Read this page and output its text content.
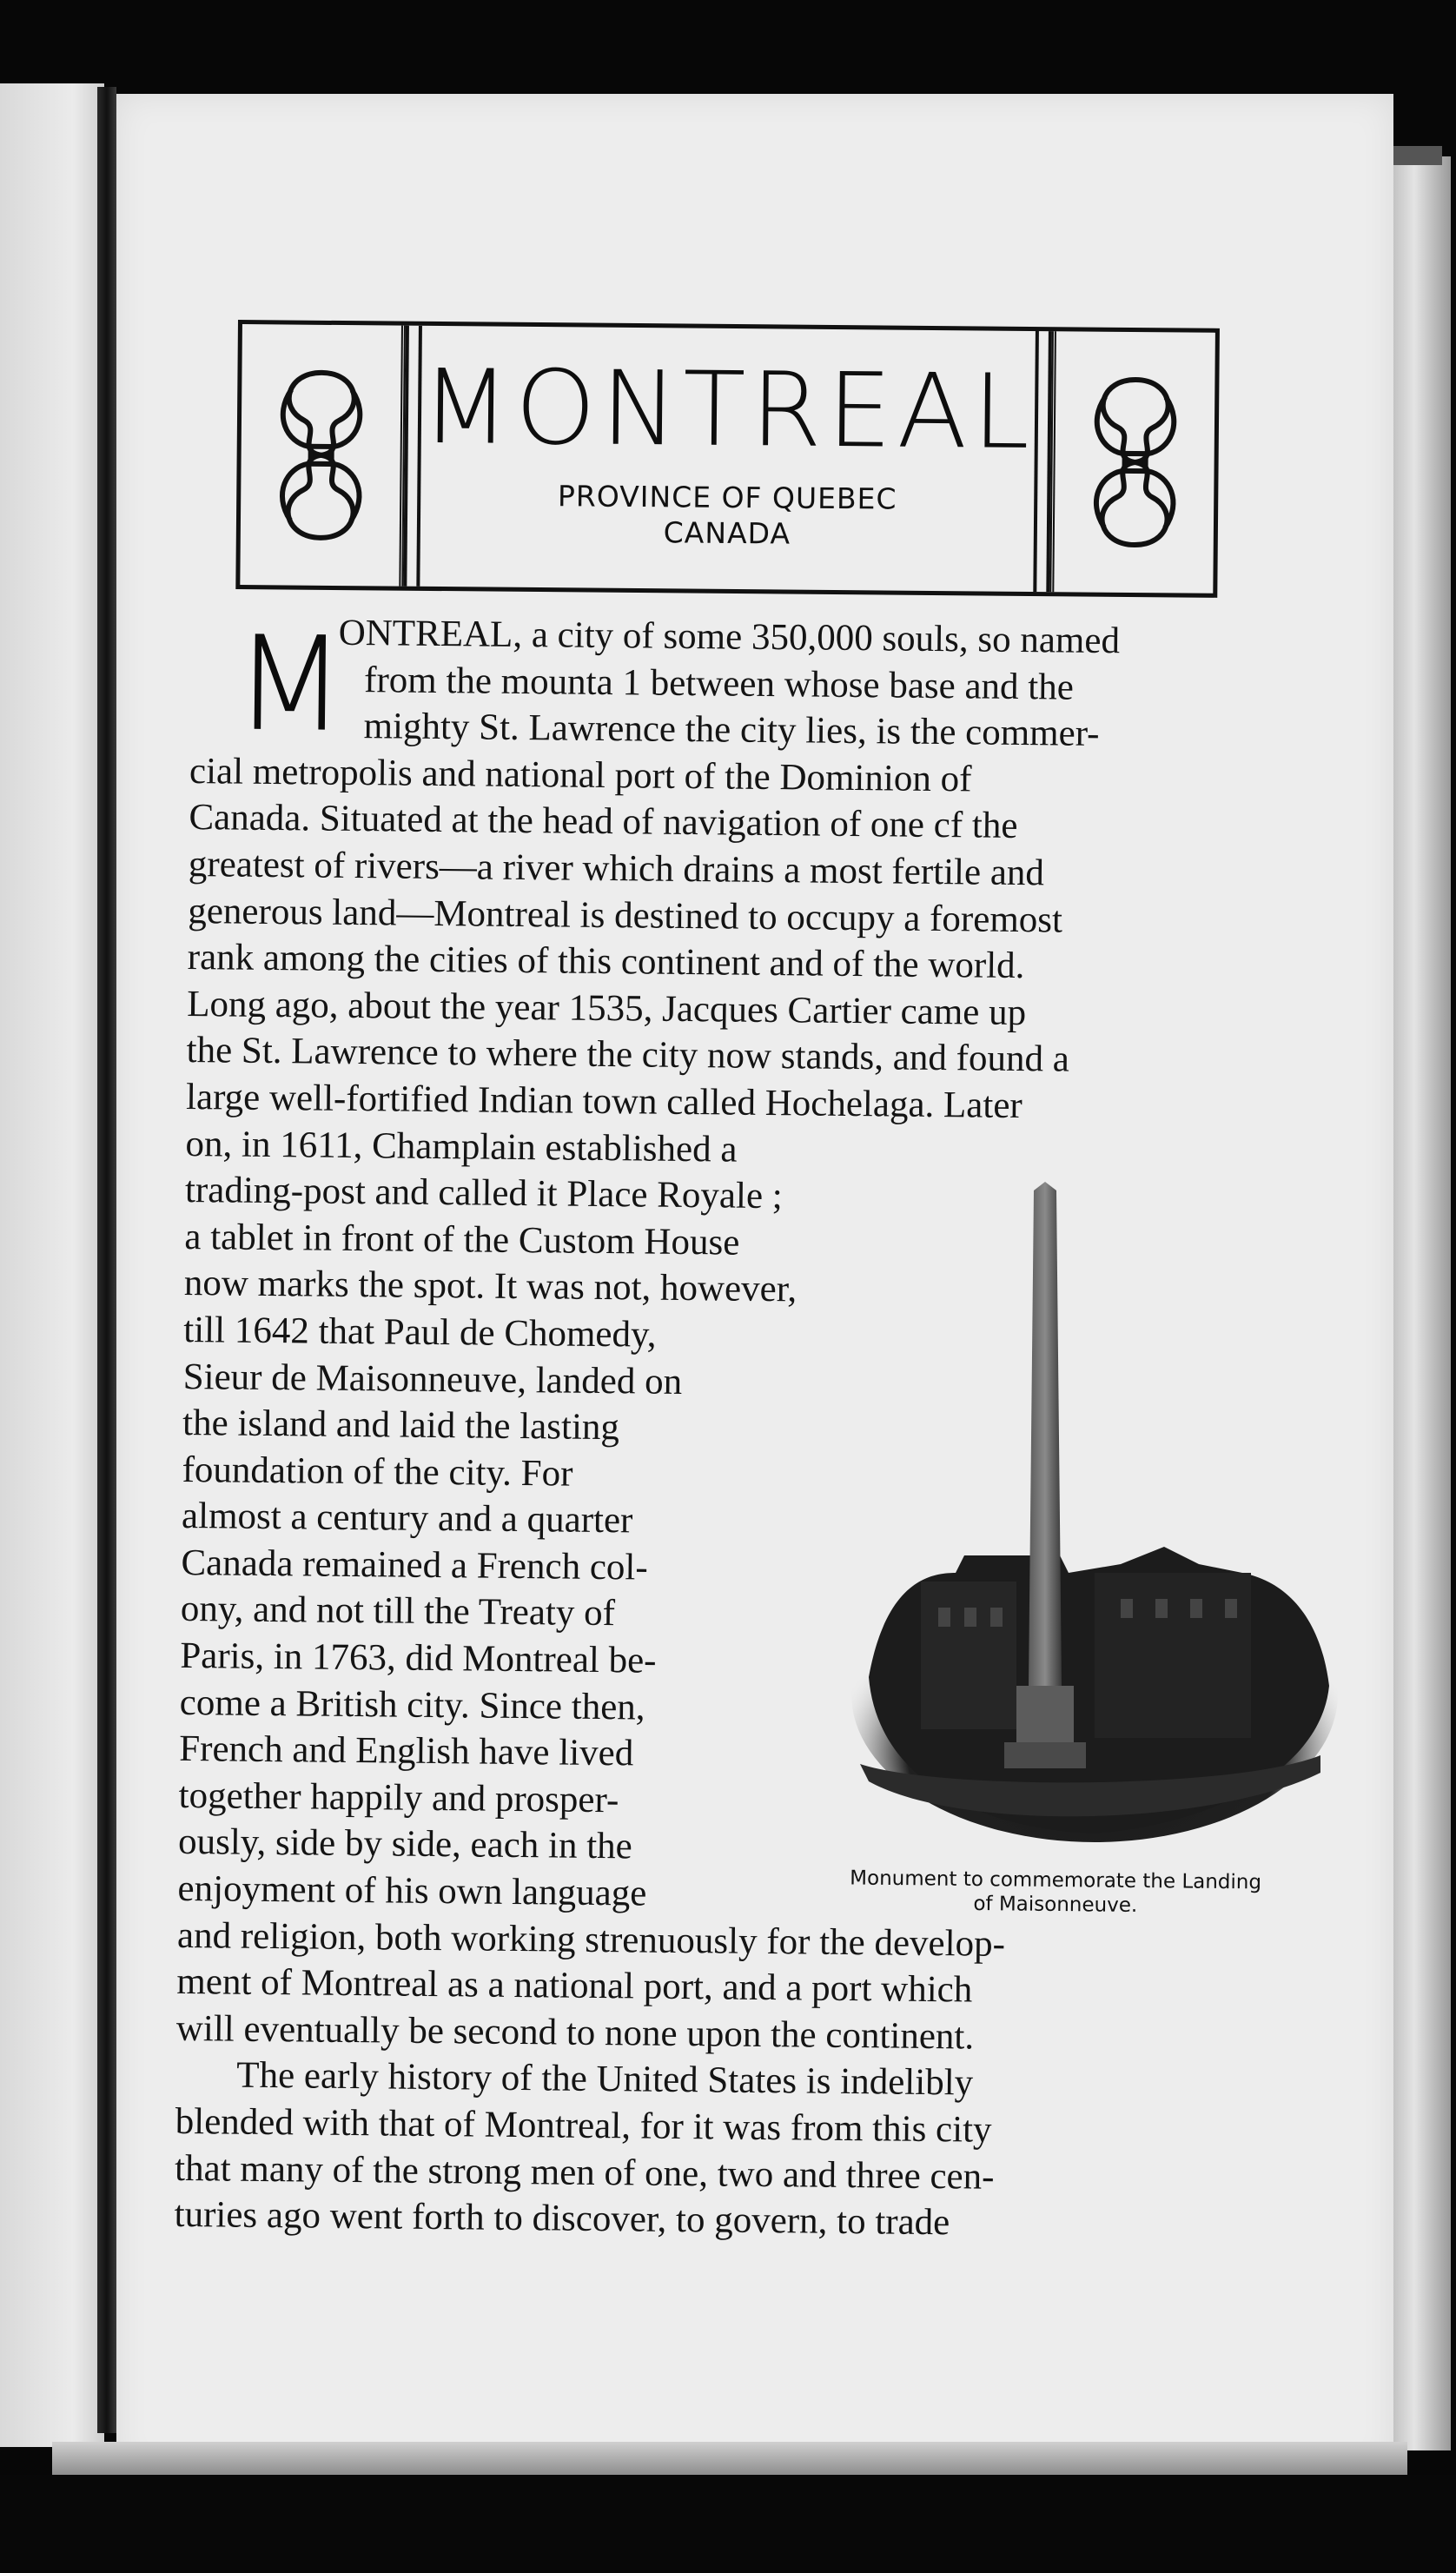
MONTREAL
PROVINCE OF QUEBEC
CANADA
M
ONTREAL, a city of some 350,000 souls, so named
from the mounta 1 between whose base and the
mighty St. Lawrence the city lies, is the commer-
cial metropolis and national port of the Dominion of
Canada. Situated at the head of navigation of one cf the
greatest of rivers—a river which drains a most fertile and
generous land—Montreal is destined to occupy a foremost
rank among the cities of this continent and of the world.
Long ago, about the year 1535, Jacques Cartier came up
the St. Lawrence to where the city now stands, and found a
large well-fortified Indian town called Hochelaga. Later
on, in 1611, Champlain established a
trading-post and called it Place Royale ;
a tablet in front of the Custom House
now marks the spot. It was not, however,
till 1642 that Paul de Chomedy,
Sieur de Maisonneuve, landed on
the island and laid the lasting
foundation of the city. For
almost a century and a quarter
Canada remained a French col-
ony, and not till the Treaty of
Paris, in 1763, did Montreal be-
come a British city. Since then,
French and English have lived
together happily and prosper-
ously, side by side, each in the
enjoyment of his own language
and religion, both working strenuously for the develop-
ment of Montreal as a national port, and a port which
will eventually be second to none upon the continent.
The early history of the United States is indelibly
blended with that of Montreal, for it was from this city
that many of the strong men of one, two and three cen-
turies ago went forth to discover, to govern, to trade
Monument to commemorate the Landing
of Maisonneuve.
